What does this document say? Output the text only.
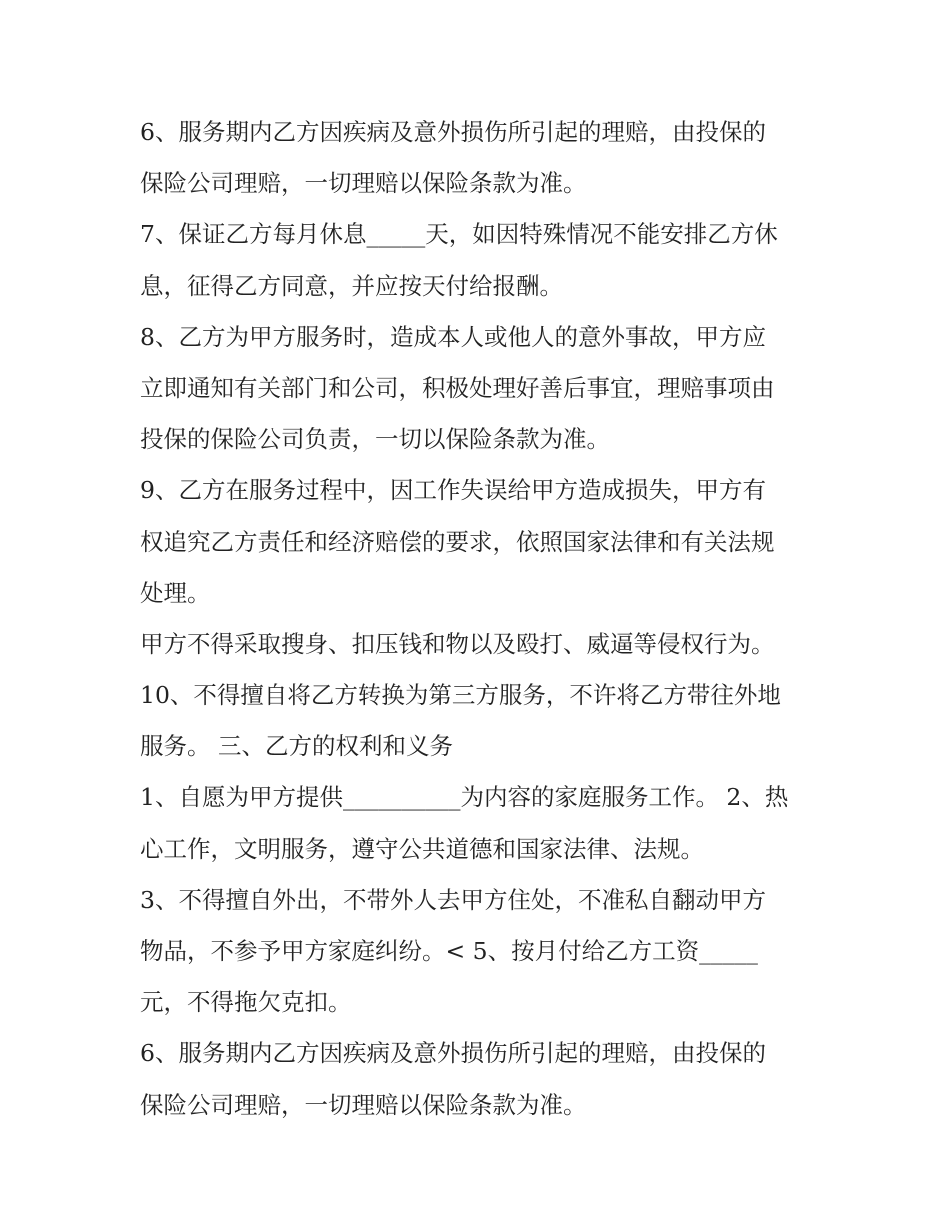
6、服务期内乙方因疾病及意外损伤所引起的理赔，由投保的
保险公司理赔，一切理赔以保险条款为准。
7、保证乙方每月休息_____天，如因特殊情况不能安排乙方休
息，征得乙方同意，并应按天付给报酬。
8、乙方为甲方服务时，造成本人或他人的意外事故，甲方应
立即通知有关部门和公司，积极处理好善后事宜，理赔事项由
投保的保险公司负责，一切以保险条款为准。
9、乙方在服务过程中，因工作失误给甲方造成损失，甲方有
权追究乙方责任和经济赔偿的要求，依照国家法律和有关法规
处理。
甲方不得采取搜身、扣压钱和物以及殴打、威逼等侵权行为。
10、不得擅自将乙方转换为第三方服务，不许将乙方带往外地
服务。 三、乙方的权利和义务
1、自愿为甲方提供__________为内容的家庭服务工作。 2、热
心工作，文明服务，遵守公共道德和国家法律、法规。
3、不得擅自外出，不带外人去甲方住处，不准私自翻动甲方
物品，不参予甲方家庭纠纷。< 5、按月付给乙方工资_____
元，不得拖欠克扣。
6、服务期内乙方因疾病及意外损伤所引起的理赔，由投保的
保险公司理赔，一切理赔以保险条款为准。
